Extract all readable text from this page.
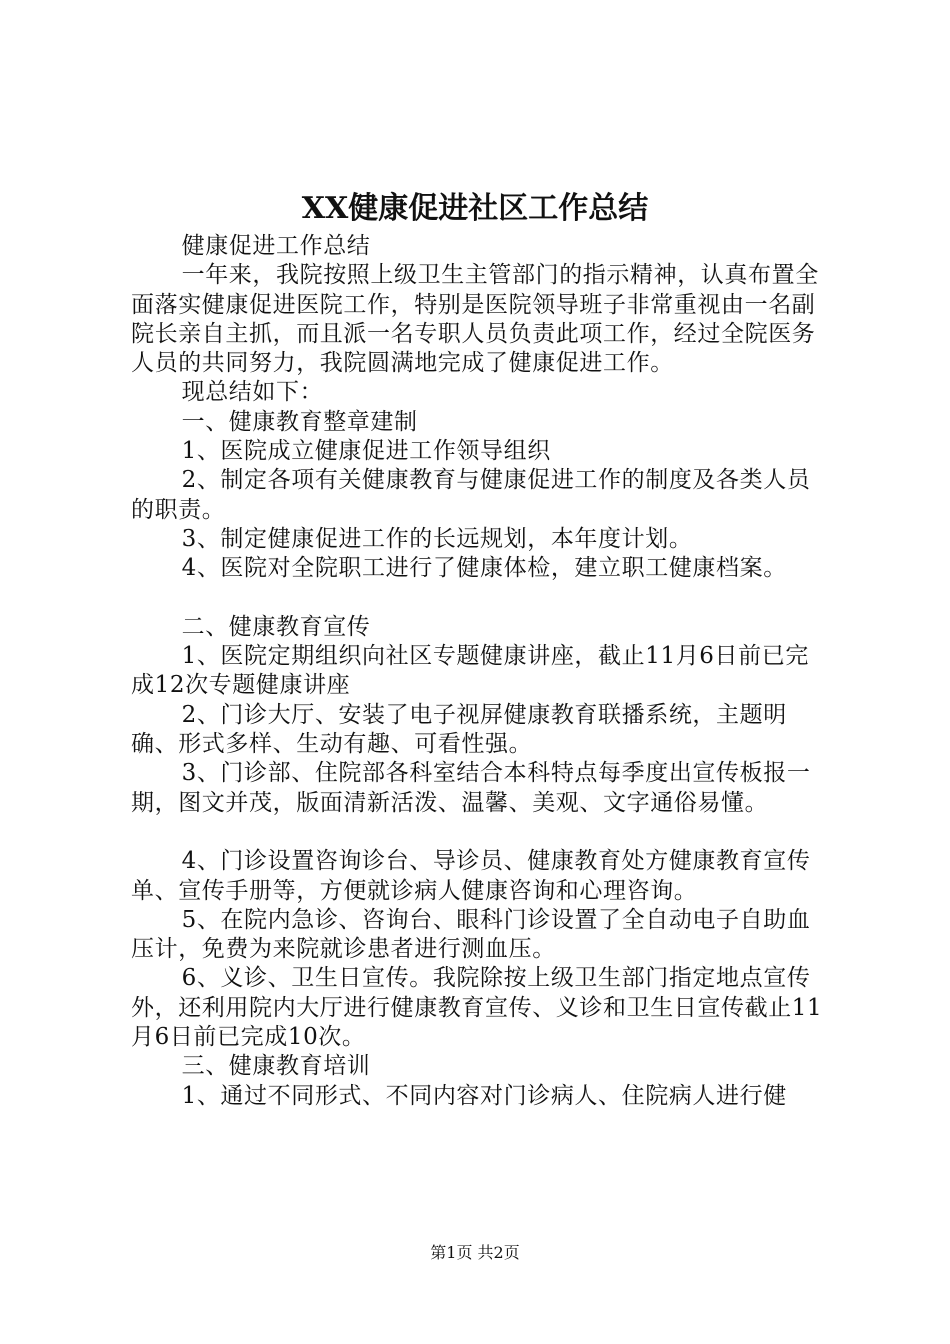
XX健康促进社区工作总结

健康促进工作总结

一年来，我院按照上级卫生主管部门的指示精神，认真布置全面落实健康促进医院工作，特别是医院领导班子非常重视由一名副院长亲自主抓，而且派一名专职人员负责此项工作，经过全院医务人员的共同努力，我院圆满地完成了健康促进工作。

现总结如下：

一、健康教育整章建制

1、医院成立健康促进工作领导组织

2、制定各项有关健康教育与健康促进工作的制度及各类人员的职责。

3、制定健康促进工作的长远规划，本年度计划。

4、医院对全院职工进行了健康体检，建立职工健康档案。

二、健康教育宣传

1、医院定期组织向社区专题健康讲座，截止11月6日前已完成12次专题健康讲座

2、门诊大厅、安装了电子视屏健康教育联播系统，主题明确、形式多样、生动有趣、可看性强。

3、门诊部、住院部各科室结合本科特点每季度出宣传板报一期，图文并茂，版面清新活泼、温馨、美观、文字通俗易懂。

4、门诊设置咨询诊台、导诊员、健康教育处方健康教育宣传单、宣传手册等，方便就诊病人健康咨询和心理咨询。

5、在院内急诊、咨询台、眼科门诊设置了全自动电子自助血压计，免费为来院就诊患者进行测血压。

6、义诊、卫生日宣传。我院除按上级卫生部门指定地点宣传外，还利用院内大厅进行健康教育宣传、义诊和卫生日宣传截止11月6日前已完成10次。

三、健康教育培训

1、通过不同形式、不同内容对门诊病人、住院病人进行健

第1页 共2页
